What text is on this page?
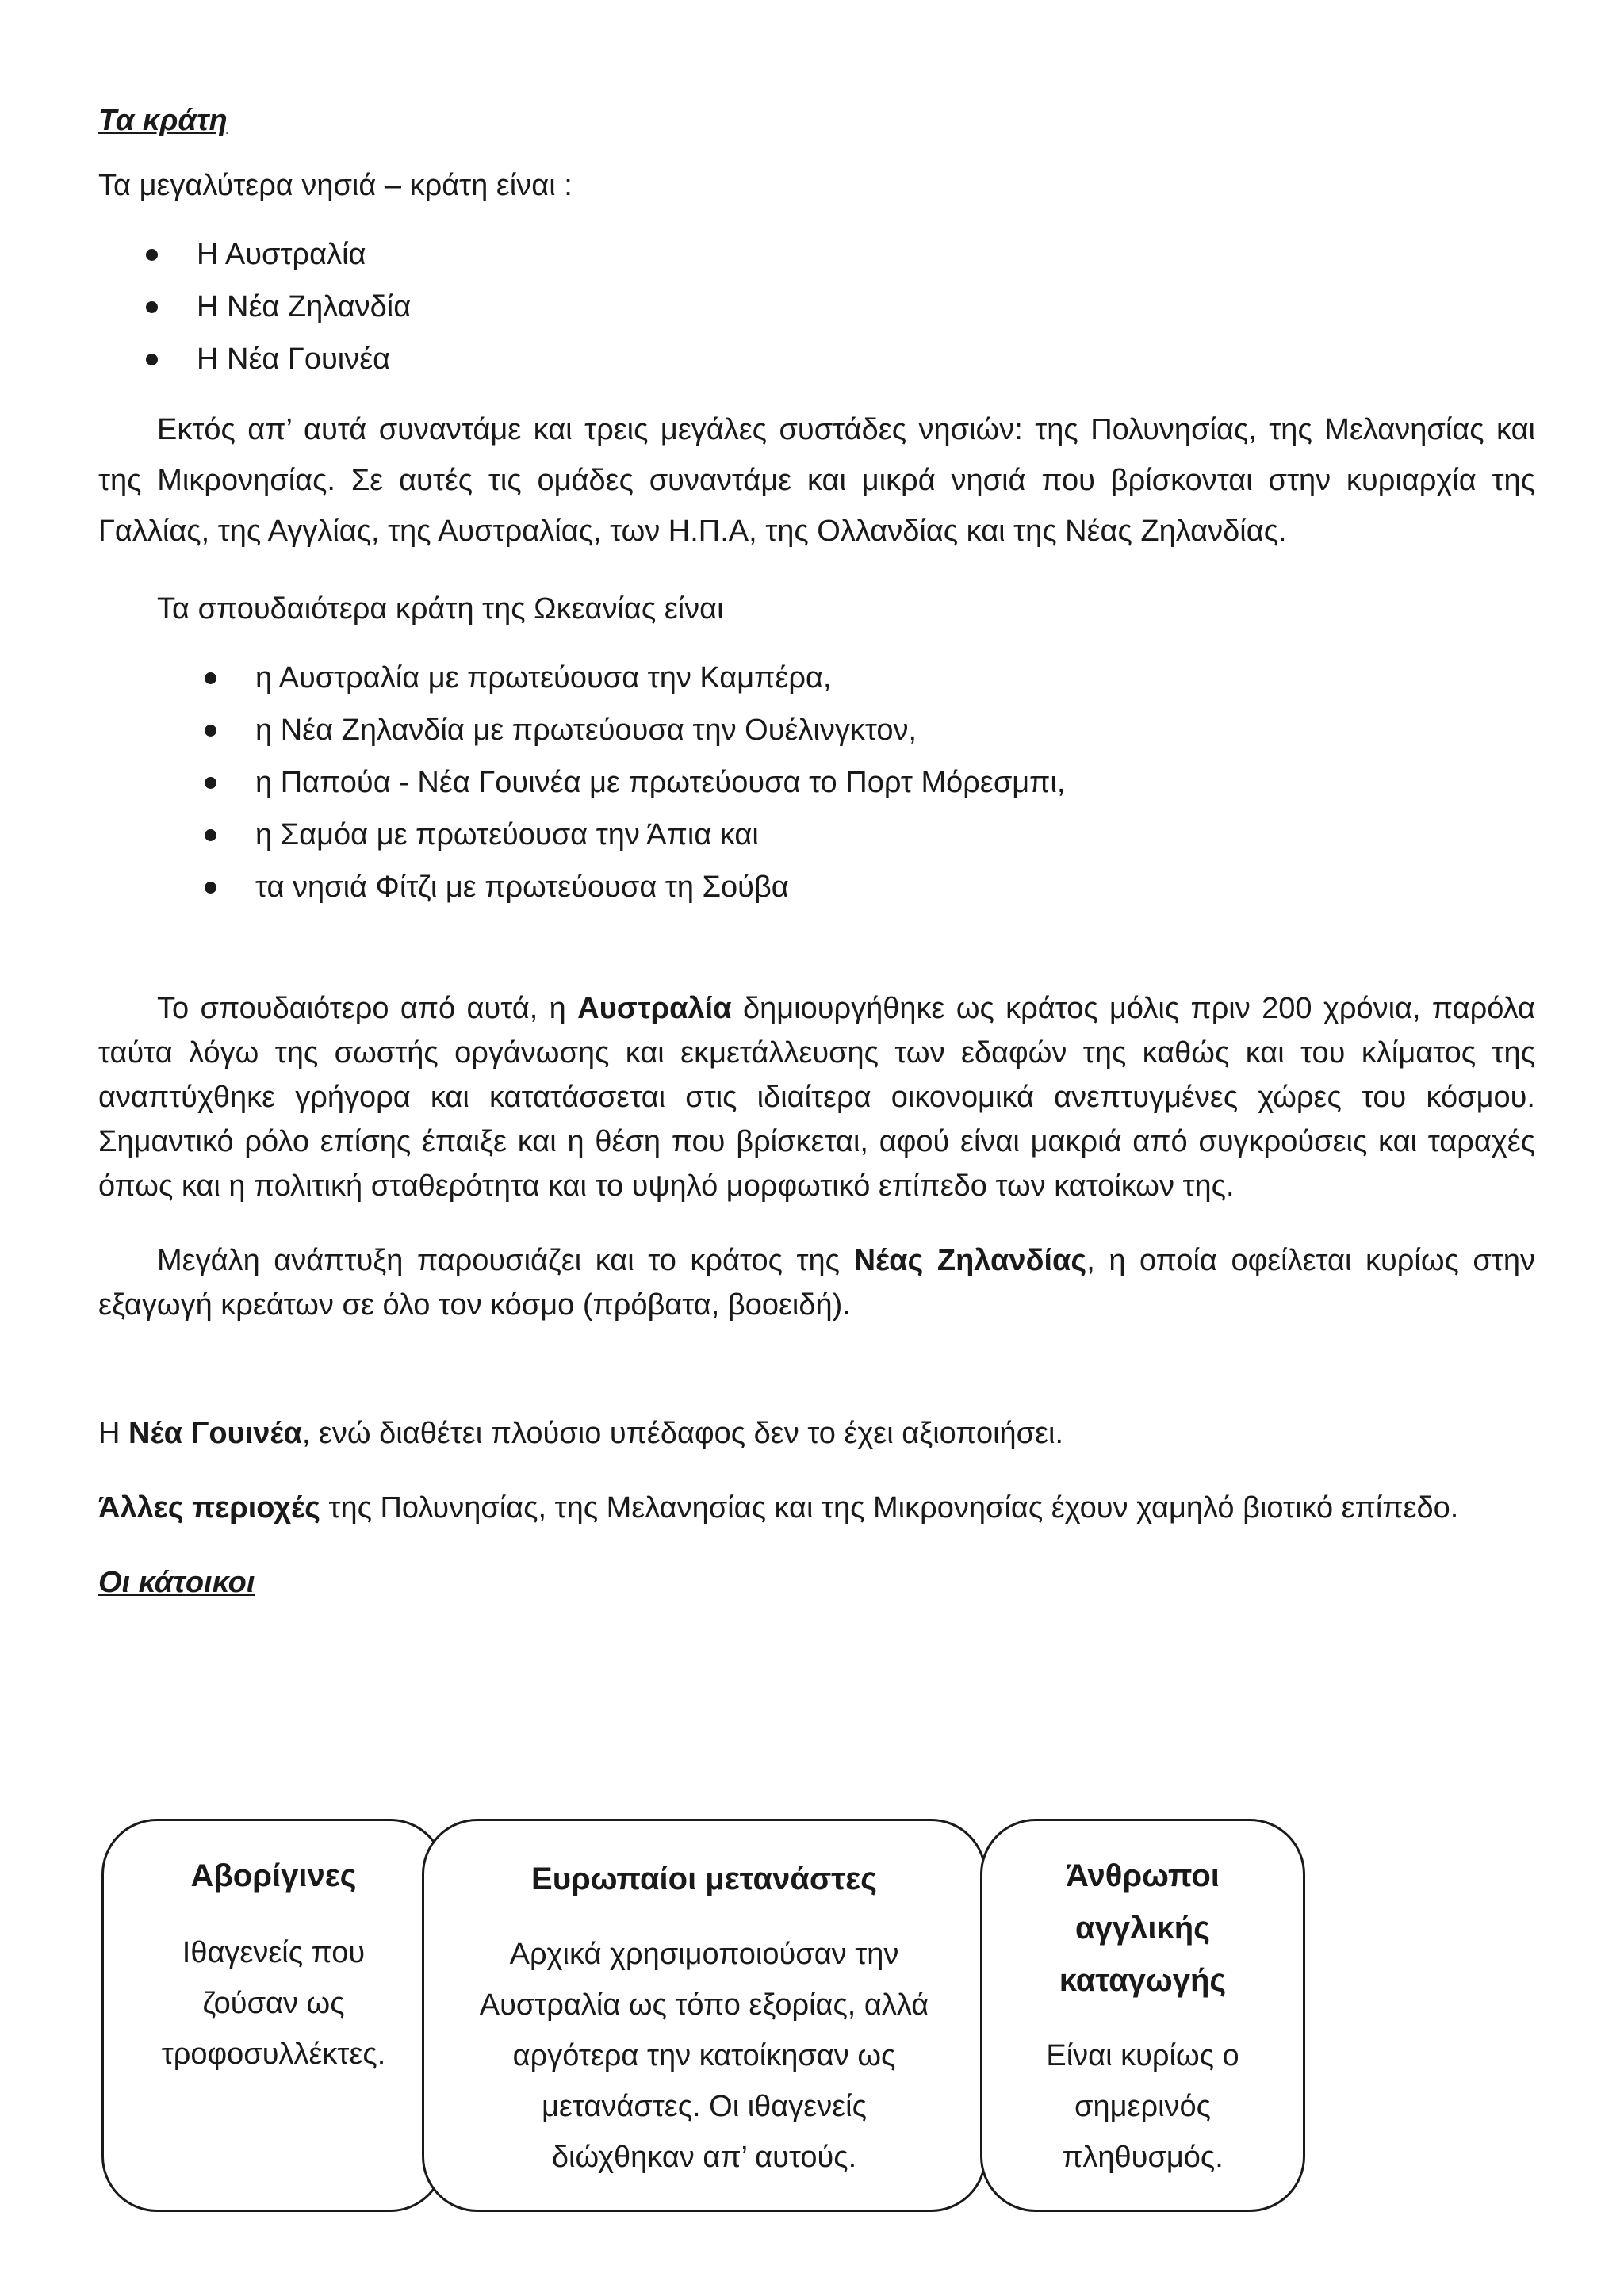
Τα κράτη

Τα μεγαλύτερα νησιά – κράτη είναι :

Η Αυστραλία
Η Νέα Ζηλανδία
Η Νέα Γουινέα

Εκτός απ’ αυτά συναντάμε και τρεις μεγάλες συστάδες νησιών: της Πολυνησίας, της Μελανησίας και της Μικρονησίας. Σε αυτές τις ομάδες συναντάμε και μικρά νησιά που βρίσκονται στην κυριαρχία της Γαλλίας, της Αγγλίας, της Αυστραλίας, των Η.Π.Α, της Ολλανδίας και της Νέας Ζηλανδίας.

Τα σπουδαιότερα κράτη της Ωκεανίας είναι

η Αυστραλία με πρωτεύουσα την Καμπέρα,
η Νέα Ζηλανδία με πρωτεύουσα την Ουέλινγκτον,
η Παπούα - Νέα Γουινέα με πρωτεύουσα το Πορτ Μόρεσμπι,
η Σαμόα με πρωτεύουσα την Άπια και
τα νησιά Φίτζι με πρωτεύουσα τη Σούβα

Το σπουδαιότερο από αυτά, η Αυστραλία δημιουργήθηκε ως κράτος μόλις πριν 200 χρόνια, παρόλα ταύτα λόγω της σωστής οργάνωσης και εκμετάλλευσης των εδαφών της καθώς και του κλίματος της αναπτύχθηκε γρήγορα και κατατάσσεται στις ιδιαίτερα οικονομικά ανεπτυγμένες χώρες του κόσμου. Σημαντικό ρόλο επίσης έπαιξε και η θέση που βρίσκεται, αφού είναι μακριά από συγκρούσεις και ταραχές όπως και η πολιτική σταθερότητα και το υψηλό μορφωτικό επίπεδο των κατοίκων της.

Μεγάλη ανάπτυξη παρουσιάζει και το κράτος της Νέας Ζηλανδίας, η οποία οφείλεται κυρίως στην εξαγωγή κρεάτων σε όλο τον κόσμο (πρόβατα, βοοειδή).

Η Νέα Γουινέα, ενώ διαθέτει πλούσιο υπέδαφος δεν το έχει αξιοποιήσει.

Άλλες περιοχές της Πολυνησίας, της Μελανησίας και της Μικρονησίας έχουν χαμηλό βιοτικό επίπεδο.

Οι κάτοικοι

Αβορίγινες
Ιθαγενείς που ζούσαν ως τροφοσυλλέκτες.
Ευρωπαίοι μετανάστες
Αρχικά χρησιμοποιούσαν την Αυστραλία ως τόπο εξορίας, αλλά αργότερα την κατοίκησαν ως μετανάστες. Οι ιθαγενείς διώχθηκαν απ’ αυτούς.
Άνθρωποι αγγλικής καταγωγής
Είναι κυρίως ο σημερινός πληθυσμός.
